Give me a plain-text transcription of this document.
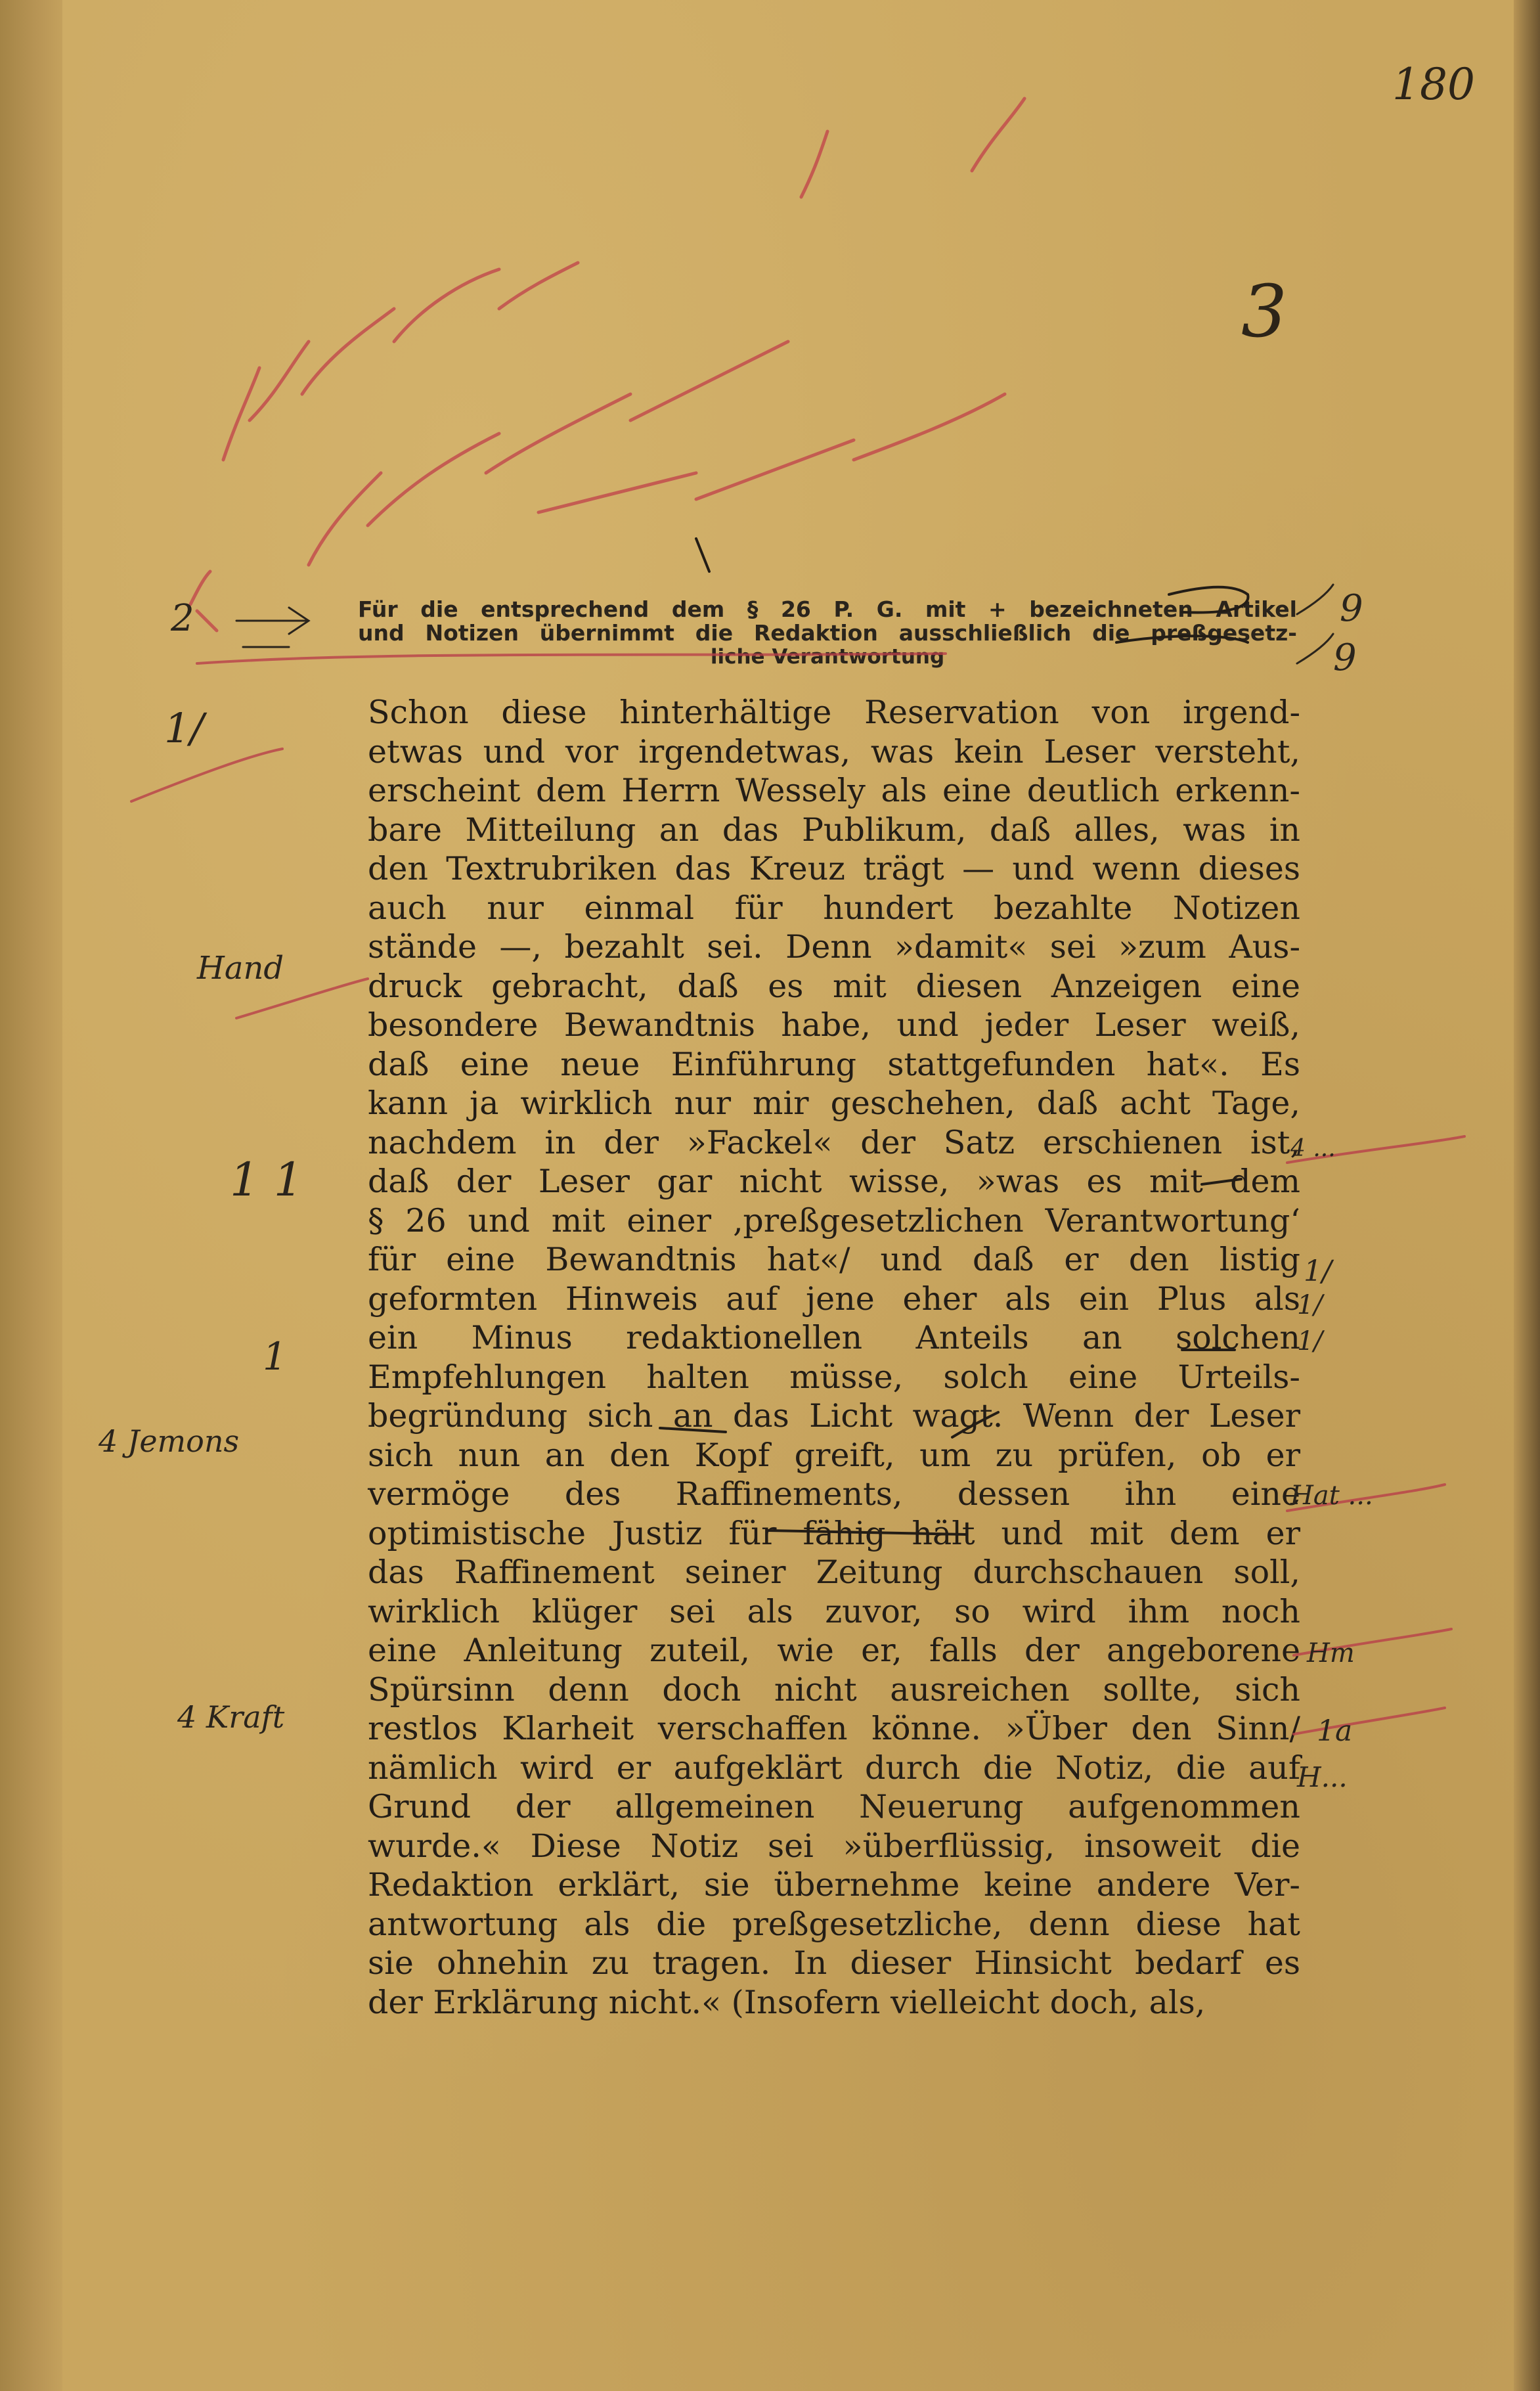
180
3
Für die entsprechend dem § 26 P. G. mit + bezeichneten Artikel
und Notizen übernimmt die Redaktion ausschließlich die preßgesetz-
liche Verantwortung
Schon diese hinterhältige Reservation von irgend-
etwas und vor irgendetwas, was kein Leser versteht,
erscheint dem Herrn Wessely als eine deutlich erkenn-
bare Mitteilung an das Publikum, daß alles, was in
den Textrubriken das Kreuz trägt — und wenn dieses
auch nur einmal für hundert bezahlte Notizen
stände —, bezahlt sei. Denn »damit« sei »zum Aus-
druck gebracht, daß es mit diesen Anzeigen eine
besondere Bewandtnis habe, und jeder Leser weiß,
daß eine neue Einführung stattgefunden hat«. Es
kann ja wirklich nur mir geschehen, daß acht Tage,
nachdem in der »Fackel« der Satz erschienen ist,
daß der Leser gar nicht wisse, »was es mit dem
§ 26 und mit einer ‚preßgesetzlichen Verantwortung‘
für eine Bewandtnis hat«/ und daß er den listig
geformten Hinweis auf jene eher als ein Plus als
ein Minus redaktionellen Anteils an solchen
Empfehlungen halten müsse, solch eine Urteils-
begründung sich an das Licht wagt. Wenn der Leser
sich nun an den Kopf greift, um zu prüfen, ob er
vermöge des Raffinements, dessen ihn eine
optimistische Justiz für fähig hält und mit dem er
das Raffinement seiner Zeitung durchschauen soll,
wirklich klüger sei als zuvor, so wird ihm noch
eine Anleitung zuteil, wie er, falls der angeborene
Spürsinn denn doch nicht ausreichen sollte, sich
restlos Klarheit verschaffen könne. »Über den Sinn/
nämlich wird er aufgeklärt durch die Notiz, die auf
Grund der allgemeinen Neuerung aufgenommen
wurde.« Diese Notiz sei »überflüssig, insoweit die
Redaktion erklärt, sie übernehme keine andere Ver-
antwortung als die preßgesetzliche, denn diese hat
sie ohnehin zu tragen. In dieser Hinsicht bedarf es
der Erklärung nicht.« (Insofern vielleicht doch, als,
2
1/
Hand
1 1
1
4 Jemons
4 Kraft
9
9
4 ...
1/
1/
1/
Hat ...
Hm
1a
H...
